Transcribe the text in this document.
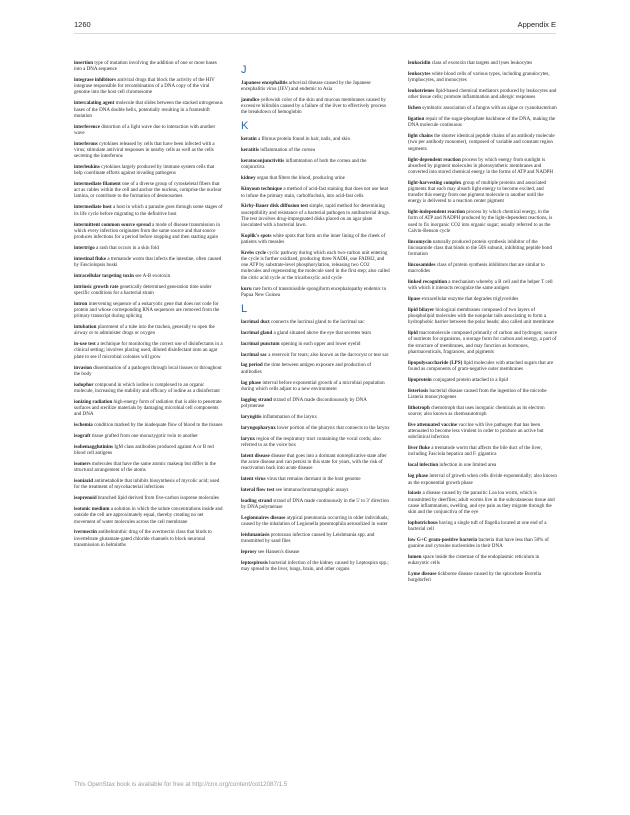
1260	Appendix E

insertion type of mutation involving the addition of one or more bases into a DNA sequence

integrase inhibitors antiviral drugs that block the activity of the HIV integrase responsible for recombination of a DNA copy of the viral genome into the host cell chromosome

intercalating agent molecule that slides between the stacked nitrogenous bases of the DNA double helix, potentially resulting in a frameshift mutation

interference distortion of a light wave due to interaction with another wave

interferons cytokines released by cells that have been infected with a virus; stimulate antiviral responses in nearby cells as well as the cells secreting the interferons

interleukins cytokines largely produced by immune system cells that help coordinate efforts against invading pathogens

intermediate filament one of a diverse group of cytoskeletal fibers that act as cables within the cell and anchor the nucleus, comprise the nuclear lamina, or contribute to the formation of desmosomes

intermediate host a host in which a parasite goes through some stages of its life cycle before migrating to the definitive host

intermittent common source spread a mode of disease transmission in which every infection originates from the same source and that source produces infections for a period before stopping and then starting again

intertrigo a rash that occurs in a skin fold

intestinal fluke a trematode worm that infects the intestine, often caused by Fasciolopsis buski

intracellular targeting toxin see A-B exotoxin

intrinsic growth rate genetically determined generation time under specific conditions for a bacterial strain

intron intervening sequence of a eukaryotic gene that does not code for protein and whose corresponding RNA sequences are removed from the primary transcript during splicing

intubation placement of a tube into the trachea, generally to open the airway or to administer drugs or oxygen

in-use test a technique for monitoring the correct use of disinfectants in a clinical setting; involves placing used, diluted disinfectant onto an agar plate to see if microbial colonies will grow

invasion dissemination of a pathogen through local tissues or throughout the body

iodophor compound in which iodine is complexed to an organic molecule, increasing the stability and efficacy of iodine as a disinfectant

ionizing radiation high-energy form of radiation that is able to penetrate surfaces and sterilize materials by damaging microbial cell components and DNA

ischemia condition marked by the inadequate flow of blood to the tissues

isograft tissue grafted from one monozygotic twin to another

isohemagglutinins IgM class antibodies produced against A or B red blood cell antigens

isomers molecules that have the same atomic makeup but differ in the structural arrangement of the atoms

isoniazid antimetabolite that inhibits biosynthesis of mycolic acid; used for the treatment of mycobacterial infections

isoprenoid branched lipid derived from five-carbon isoprene molecules

isotonic medium a solution in which the solute concentrations inside and outside the cell are approximately equal, thereby creating no net movement of water molecules across the cell membrane

ivermectin antihelminthic drug of the avermectin class that binds to invertebrate glutamate-gated chloride channels to block neuronal transmission in helminths

J

Japanese encephalitis arboviral disease caused by the Japanese encephalitis virus (JEV) and endemic to Asia

jaundice yellowish color of the skin and mucous membranes caused by excessive bilirubin caused by a failure of the liver to effectively process the breakdown of hemoglobin

K

keratin a fibrous protein found in hair, nails, and skin

keratitis inflammation of the cornea

keratoconjunctivitis inflammation of both the cornea and the conjunctiva

kidney organ that filters the blood, producing urine

Kinyoun technique a method of acid-fast staining that does not use heat to infuse the primary stain, carbolfuchsin, into acid-fast cells

Kirby-Bauer disk diffusion test simple, rapid method for determining susceptibility and resistance of a bacterial pathogen to antibacterial drugs. The test involves drug-impregnated disks placed on an agar plate inoculated with a bacterial lawn.

Koplik's spots white spots that form on the inner lining of the cheek of patients with measles

Krebs cycle cyclic pathway during which each two-carbon unit entering the cycle is further oxidized, producing three NADH, one FADH2, and one ATP by substrate-level phosphorylation, releasing two CO2 molecules and regenerating the molecule used in the first step; also called the citric acid cycle or the tricarboxylic acid cycle

kuru rare form of transmissible spongiform encephalopathy endemic to Papua New Guinea

L

lacrimal duct connects the lacrimal gland to the lacrimal sac

lacrimal gland a gland situated above the eye that secretes tears

lacrimal punctum opening in each upper and lower eyelid

lacrimal sac a reservoir for tears; also known as the dacrocyst or tear sac

lag period the time between antigen exposure and production of antibodies

lag phase interval before exponential growth of a microbial population during which cells adjust to a new environment

lagging strand strand of DNA made discontinuously by DNA polymerase

laryngitis inflammation of the larynx

laryngopharynx lower portion of the pharynx that connects to the larynx

larynx region of the respiratory tract containing the vocal cords; also referred to as the voice box

latent disease disease that goes into a dormant nonreplicative state after the acute disease and can persist in this state for years, with the risk of reactivation back into acute disease

latent virus virus that remains dormant in the host genome

lateral flow test see immunochromatographic assays

leading strand strand of DNA made continuously in the 5' to 3' direction by DNA polymerase

Legionnaires disease atypical pneumonia occurring in older individuals; caused by the inhalation of Legionella pneumophila aerosolized in water

leishmaniasis protozoan infection caused by Leishmania spp. and transmitted by sand flies

leprosy see Hansen's disease

leptospirosis bacterial infection of the kidney caused by Leptospira spp.; may spread to the liver, lungs, brain, and other organs

leukocidin class of exotoxin that targets and lyses leukocytes

leukocytes white blood cells of various types, including granulocytes, lymphocytes, and monocytes

leukotrienes lipid-based chemical mediators produced by leukocytes and other tissue cells; promote inflammation and allergic responses

lichen symbiotic association of a fungus with an algae or cyanobacterium

ligation repair of the sugar-phosphate backbone of the DNA, making the DNA molecule continuous

light chains the shorter identical peptide chains of an antibody molecule (two per antibody monomer), composed of variable and constant region segments

light-dependent reaction process by which energy from sunlight is absorbed by pigment molecules in photosynthetic membranes and converted into stored chemical energy in the forms of ATP and NADPH

light-harvesting complex group of multiple proteins and associated pigments that each may absorb light energy to become excited, and transfer this energy from one pigment molecule to another until the energy is delivered to a reaction center pigment

light-independent reaction process by which chemical energy, in the form of ATP and NADPH produced by the light-dependent reactions, is used to fix inorganic CO2 into organic sugar; usually referred to as the Calvin-Benson cycle

lincomycin naturally produced protein synthesis inhibitor of the lincosamide class that binds to the 50S subunit, inhibiting peptide bond formation

lincosamides class of protein synthesis inhibitors that are similar to macrolides

linked recognition a mechanism whereby a B cell and the helper T cell with which it interacts recognize the same antigen

lipase extracellular enzyme that degrades triglycerides

lipid bilayer biological membranes composed of two layers of phospholipid molecules with the nonpolar tails associating to form a hydrophobic barrier between the polar heads; also called unit membrane

lipid macromolecule composed primarily of carbon and hydrogen; source of nutrients for organisms, a storage form for carbon and energy, a part of the structure of membranes, and may function as hormones, pharmaceuticals, fragrances, and pigments

lipopolysaccharide (LPS) lipid molecules with attached sugars that are found as components of gram-negative outer membranes

lipoprotein conjugated protein attached to a lipid

listeriosis bacterial disease caused from the ingestion of the microbe Listeria monocytogenes

lithotroph chemotroph that uses inorganic chemicals as its electron source; also known as chemoautotroph

live attenuated vaccine vaccine with live pathogen that has been attenuated to become less virulent in order to produce an active but subclinical infection

liver fluke a trematode worm that affects the bile duct of the liver, including Fasciola hepatica and F. gigantica

local infection infection in one limited area

log phase interval of growth when cells divide exponentially; also known as the exponential growth phase

loiasis a disease caused by the parasitic Loa loa worm, which is transmitted by deerflies; adult worms live in the subcutaneous tissue and cause inflammation, swelling, and eye pain as they migrate through the skin and the conjunctiva of the eye

lophotrichous having a single tuft of flagella located at one end of a bacterial cell

low G+C gram-positive bacteria bacteria that have less than 50% of guanine and cytosine nucleotides in their DNA

lumen space inside the cisternae of the endoplasmic reticulum in eukaryotic cells

Lyme disease tickborne disease caused by the spirochete Borrelia burgdorferi

This OpenStax book is available for free at http://cnx.org/content/col12087/1.5
